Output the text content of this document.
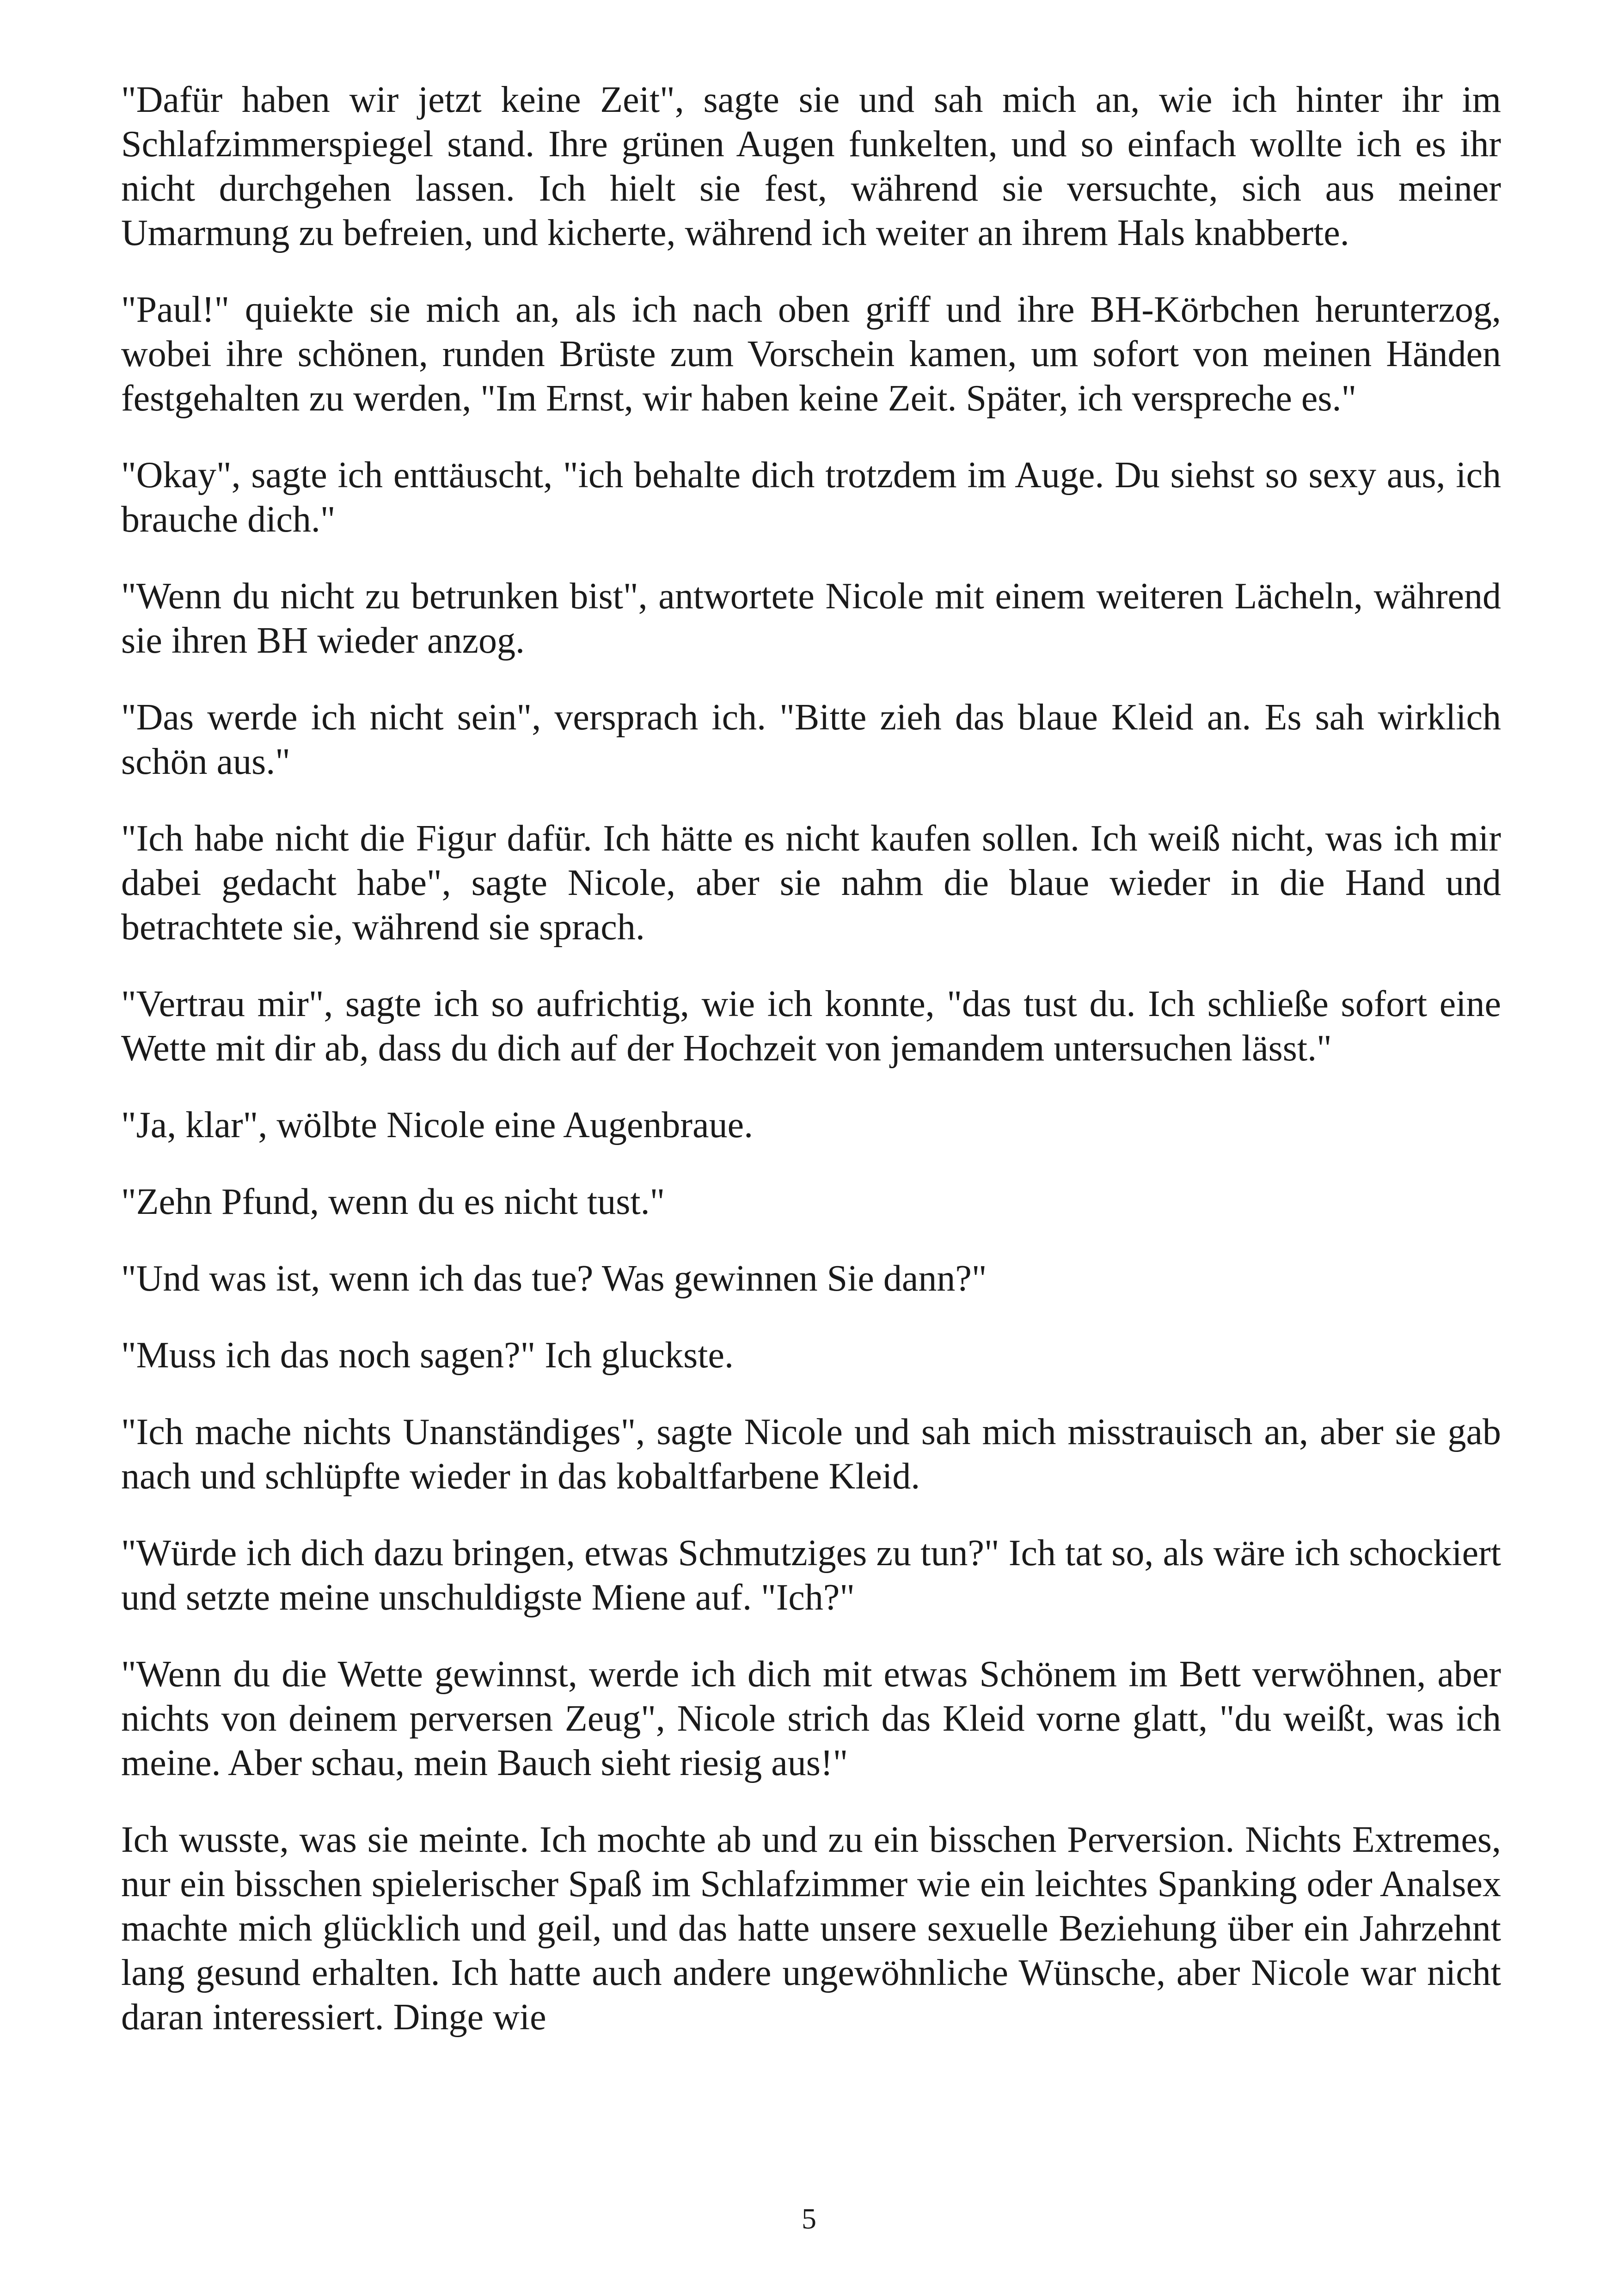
"Dafür haben wir jetzt keine Zeit", sagte sie und sah mich an, wie ich hinter ihr im Schlafzimmerspiegel stand. Ihre grünen Augen funkelten, und so einfach wollte ich es ihr nicht durchgehen lassen. Ich hielt sie fest, während sie versuchte, sich aus meiner Umarmung zu befreien, und kicherte, während ich weiter an ihrem Hals knabberte.

"Paul!" quiekte sie mich an, als ich nach oben griff und ihre BH-Körbchen herunterzog, wobei ihre schönen, runden Brüste zum Vorschein kamen, um sofort von meinen Händen festgehalten zu werden, "Im Ernst, wir haben keine Zeit. Später, ich verspreche es."

"Okay", sagte ich enttäuscht, "ich behalte dich trotzdem im Auge. Du siehst so sexy aus, ich brauche dich."

"Wenn du nicht zu betrunken bist", antwortete Nicole mit einem weiteren Lächeln, während sie ihren BH wieder anzog.

"Das werde ich nicht sein", versprach ich. "Bitte zieh das blaue Kleid an. Es sah wirklich schön aus."

"Ich habe nicht die Figur dafür. Ich hätte es nicht kaufen sollen. Ich weiß nicht, was ich mir dabei gedacht habe", sagte Nicole, aber sie nahm die blaue wieder in die Hand und betrachtete sie, während sie sprach.

"Vertrau mir", sagte ich so aufrichtig, wie ich konnte, "das tust du. Ich schließe sofort eine Wette mit dir ab, dass du dich auf der Hochzeit von jemandem untersuchen lässt."

"Ja, klar", wölbte Nicole eine Augenbraue.

"Zehn Pfund, wenn du es nicht tust."

"Und was ist, wenn ich das tue? Was gewinnen Sie dann?"

"Muss ich das noch sagen?" Ich gluckste.

"Ich mache nichts Unanständiges", sagte Nicole und sah mich misstrauisch an, aber sie gab nach und schlüpfte wieder in das kobaltfarbene Kleid.

"Würde ich dich dazu bringen, etwas Schmutziges zu tun?" Ich tat so, als wäre ich schockiert und setzte meine unschuldigste Miene auf. "Ich?"

"Wenn du die Wette gewinnst, werde ich dich mit etwas Schönem im Bett verwöhnen, aber nichts von deinem perversen Zeug", Nicole strich das Kleid vorne glatt, "du weißt, was ich meine. Aber schau, mein Bauch sieht riesig aus!"

Ich wusste, was sie meinte. Ich mochte ab und zu ein bisschen Perversion. Nichts Extremes, nur ein bisschen spielerischer Spaß im Schlafzimmer wie ein leichtes Spanking oder Analsex machte mich glücklich und geil, und das hatte unsere sexuelle Beziehung über ein Jahrzehnt lang gesund erhalten. Ich hatte auch andere ungewöhnliche Wünsche, aber Nicole war nicht daran interessiert. Dinge wie

5
